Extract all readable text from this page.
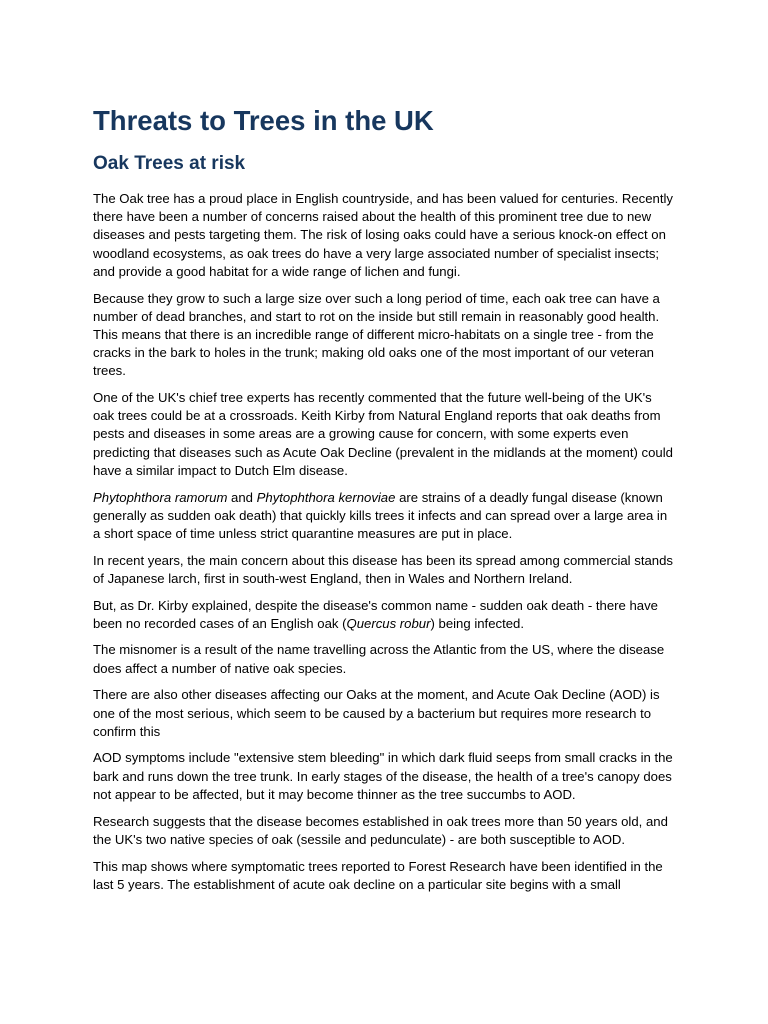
Threats to Trees in the UK
Oak Trees at risk

The Oak tree has a proud place in English countryside, and has been valued for centuries. Recently there have been a number of concerns raised about the health of this prominent tree due to new diseases and pests targeting them. The risk of losing oaks could have a serious knock-on effect on woodland ecosystems, as oak trees do have a very large associated number of specialist insects; and provide a good habitat for a wide range of lichen and fungi.

Because they grow to such a large size over such a long period of time, each oak tree can have a number of dead branches, and start to rot on the inside but still remain in reasonably good health. This means that there is an incredible range of different micro-habitats on a single tree - from the cracks in the bark to holes in the trunk; making old oaks one of the most important of our veteran trees.

One of the UK's chief tree experts has recently commented that the future well-being of the UK's oak trees could be at a crossroads. Keith Kirby from Natural England reports that oak deaths from pests and diseases in some areas are a growing cause for concern, with some experts even predicting that diseases such as Acute Oak Decline (prevalent in the midlands at the moment) could have a similar impact to Dutch Elm disease.

Phytophthora ramorum and Phytophthora kernoviae are strains of a deadly fungal disease (known generally as sudden oak death) that quickly kills trees it infects and can spread over a large area in a short space of time unless strict quarantine measures are put in place.

In recent years, the main concern about this disease has been its spread among commercial stands of Japanese larch, first in south-west England, then in Wales and Northern Ireland.

But, as Dr. Kirby explained, despite the disease's common name - sudden oak death - there have been no recorded cases of an English oak (Quercus robur) being infected.

The misnomer is a result of the name travelling across the Atlantic from the US, where the disease does affect a number of native oak species.

There are also other diseases affecting our Oaks at the moment, and Acute Oak Decline (AOD) is one of the most serious, which seem to be caused by a bacterium but requires more research to confirm this

AOD symptoms include "extensive stem bleeding" in which dark fluid seeps from small cracks in the bark and runs down the tree trunk. In early stages of the disease, the health of a tree's canopy does not appear to be affected, but it may become thinner as the tree succumbs to AOD.

Research suggests that the disease becomes established in oak trees more than 50 years old, and the UK's two native species of oak (sessile and pedunculate) - are both susceptible to AOD.

This map shows where symptomatic trees reported to Forest Research have been identified in the last 5 years. The establishment of acute oak decline on a particular site begins with a small
